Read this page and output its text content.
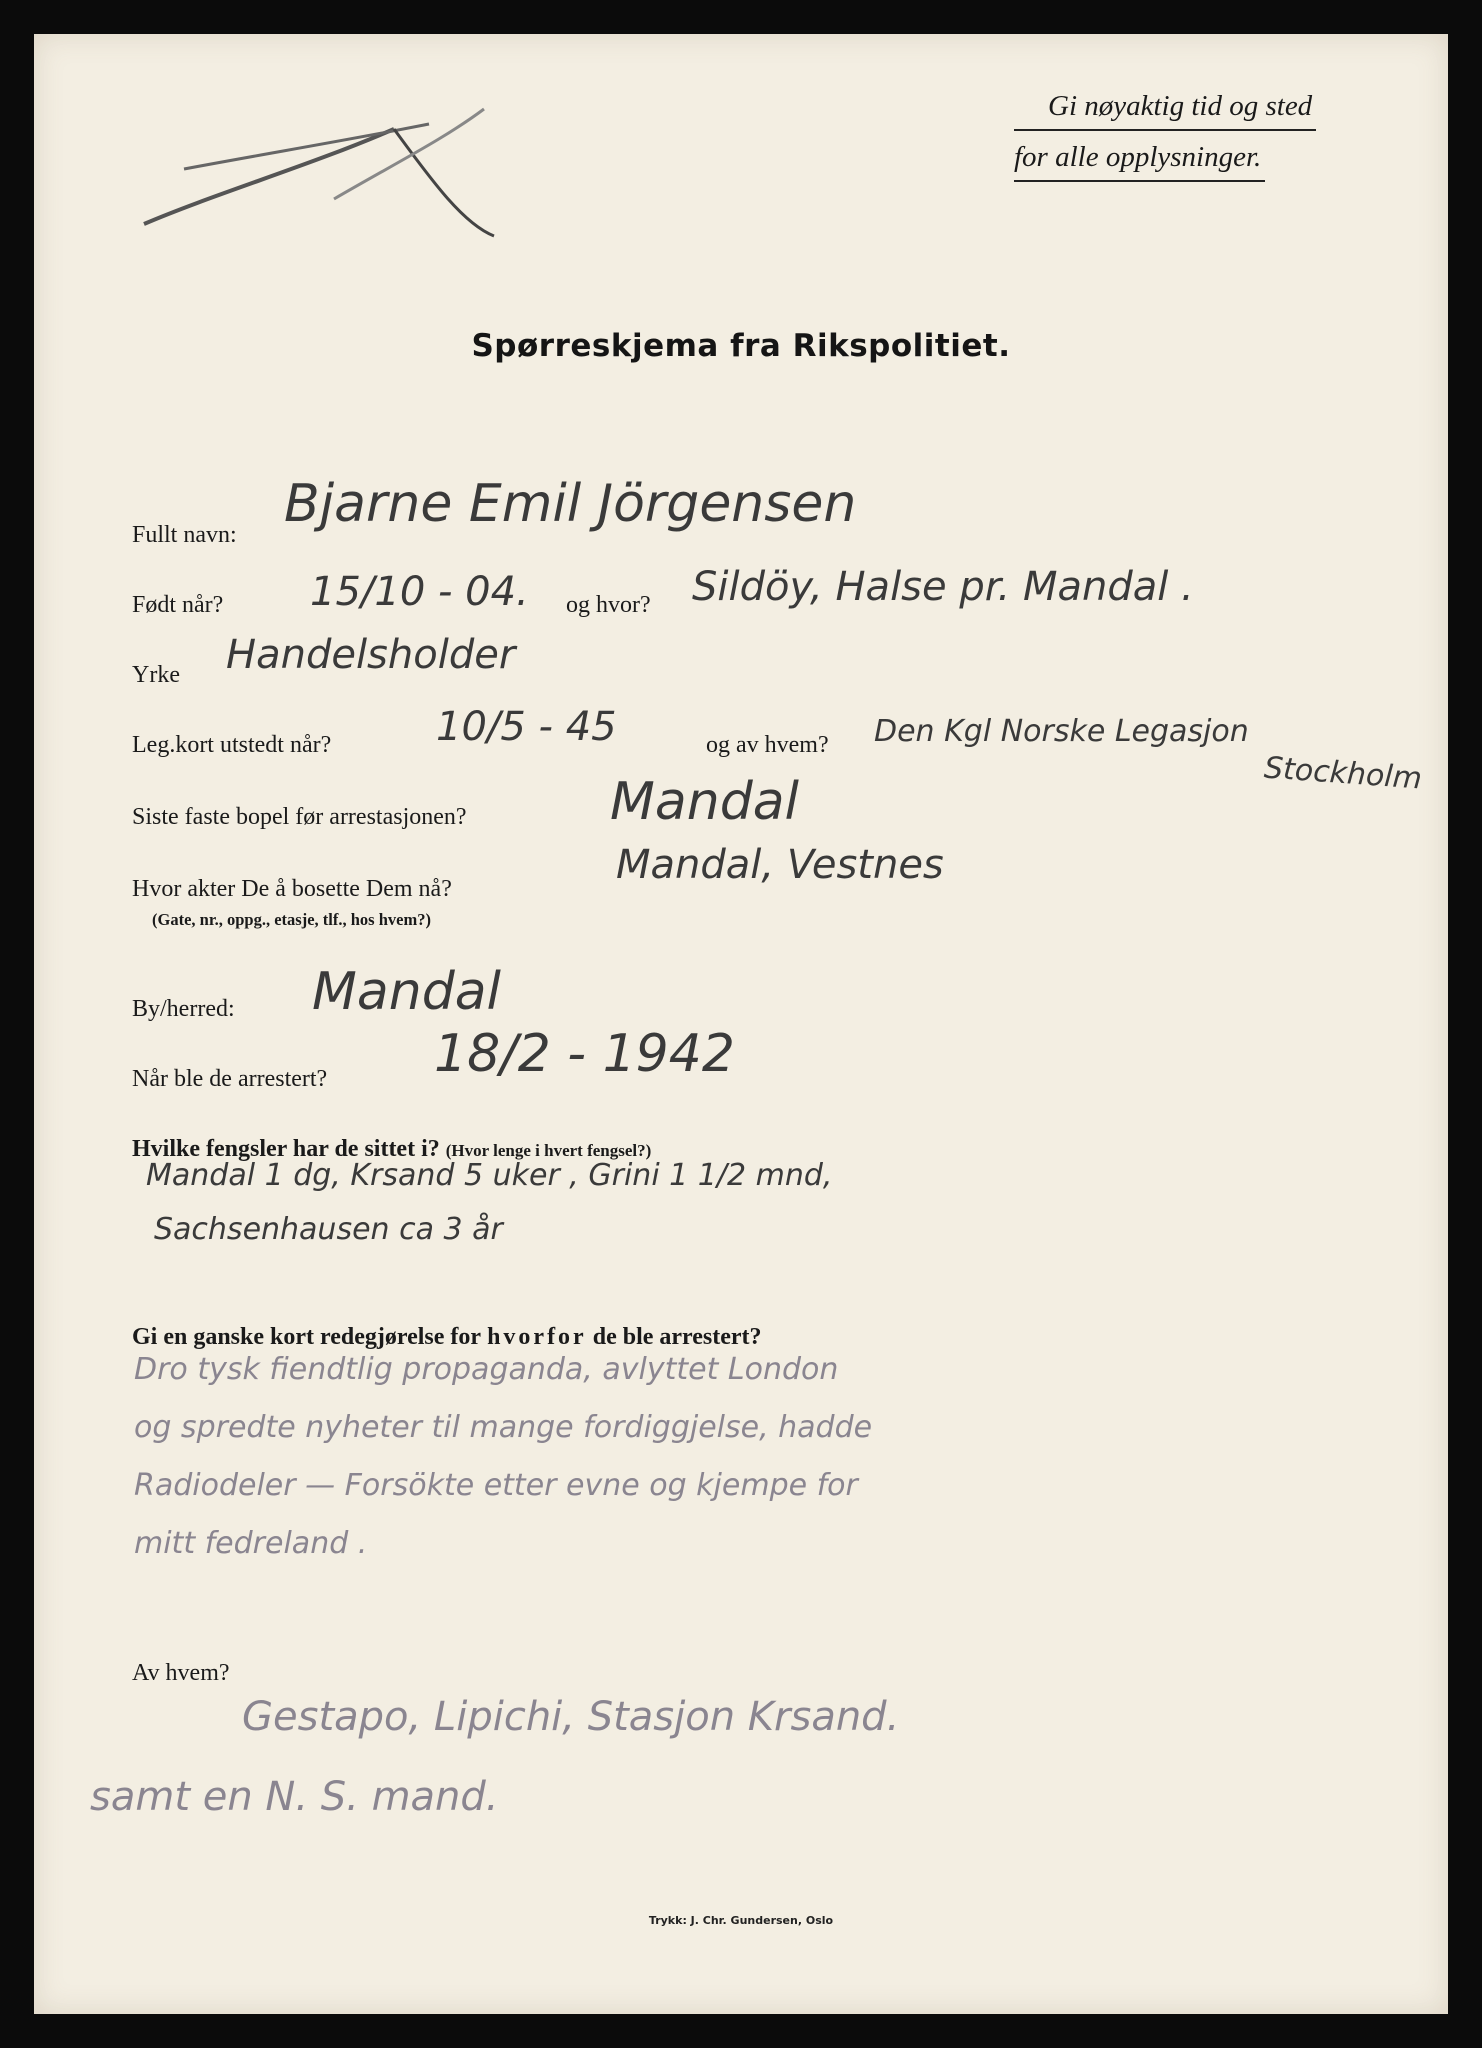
Gi nøyaktig tid og sted
for alle opplysninger.
Spørreskjema fra Rikspolitiet.
Fullt navn:
Bjarne Emil Jörgensen
Født når? 15/10 - 04. og hvor? Sildöy, Halse pr. Mandal .
Yrke Handelsholder
Leg.kort utstedt når?	10/5 - 45	og av hvem? Den Kgl Norske Legasjon
Stockholm
Siste faste bopel før arrestasjonen?	Mandal
Hvor akter De å bosette Dem nå?
(Gate, nr., oppg., etasje, tlf., hos hvem?)
Mandal, Vestnes
By/herred: Mandal
Når ble de arrestert? 18/2 - 1942
Hvilke fengsler har de sittet i? (Hvor lenge i hvert fengsel?)
Mandal 1 dg, Krsand 5 uker , Grini 1 1/2 mnd,
Sachsenhausen ca 3 år
Gi en ganske kort redegjørelse for hvorfor de ble arrestert?
Dro tysk fiendtlig propaganda, avlyttet London
og spredte nyheter til mange fordiggjelse, hadde
Radiodeler — Forsökte etter evne og kjempe for
mitt fedreland .
Av hvem?
Gestapo, Lipichi, Stasjon Krsand.
samt en N. S. mand.
Trykk: J. Chr. Gundersen, Oslo
